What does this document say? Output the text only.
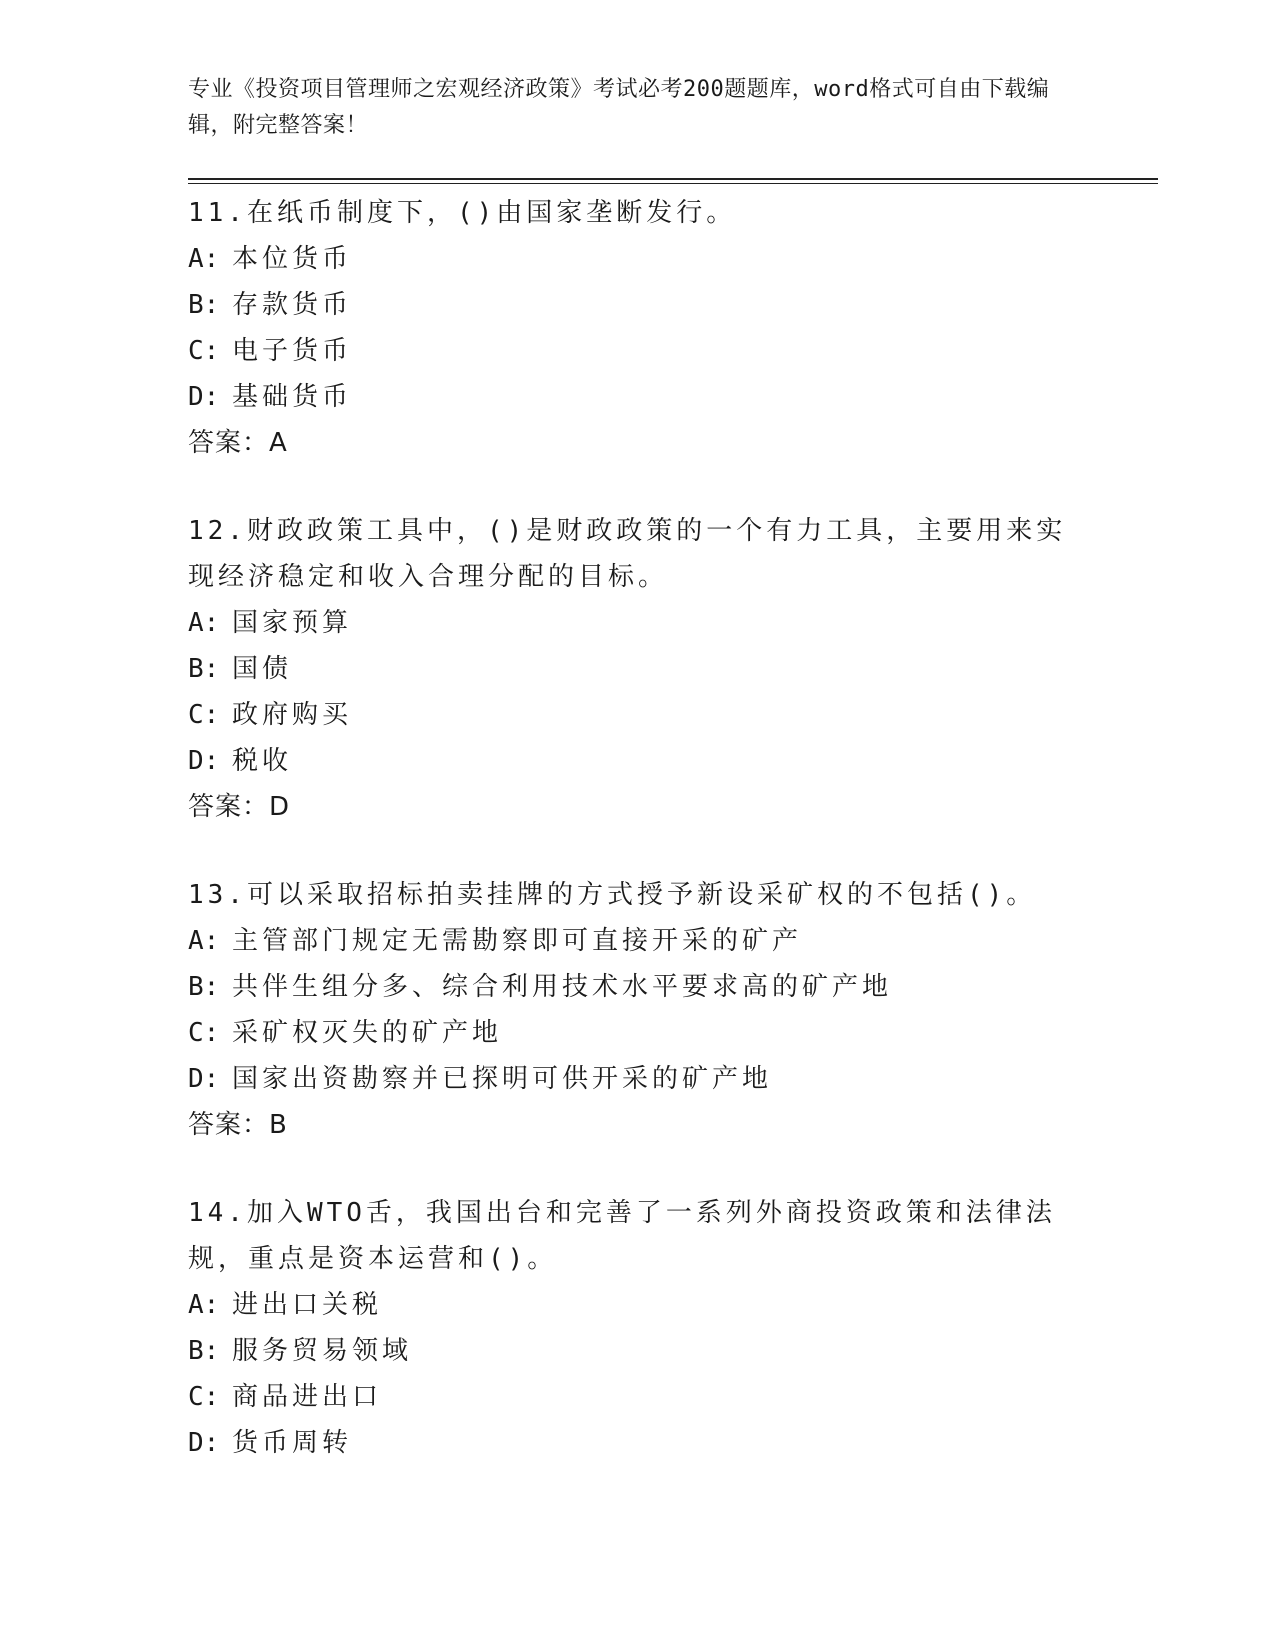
专业《投资项目管理师之宏观经济政策》考试必考200题题库，word格式可自由下载编辑，附完整答案！

11.在纸币制度下，()由国家垄断发行。

A: 本位货币

B: 存款货币

C: 电子货币

D: 基础货币

答案：A

12.财政政策工具中，()是财政政策的一个有力工具，主要用来实现经济稳定和收入合理分配的目标。

A: 国家预算

B: 国债

C: 政府购买

D: 税收

答案：D

13.可以采取招标拍卖挂牌的方式授予新设采矿权的不包括()。

A: 主管部门规定无需勘察即可直接开采的矿产

B: 共伴生组分多、综合利用技术水平要求高的矿产地

C: 采矿权灭失的矿产地

D: 国家出资勘察并已探明可供开采的矿产地

答案：B

14.加入WTO舌，我国出台和完善了一系列外商投资政策和法律法规，重点是资本运营和()。

A: 进出口关税

B: 服务贸易领域

C: 商品进出口

D: 货币周转
